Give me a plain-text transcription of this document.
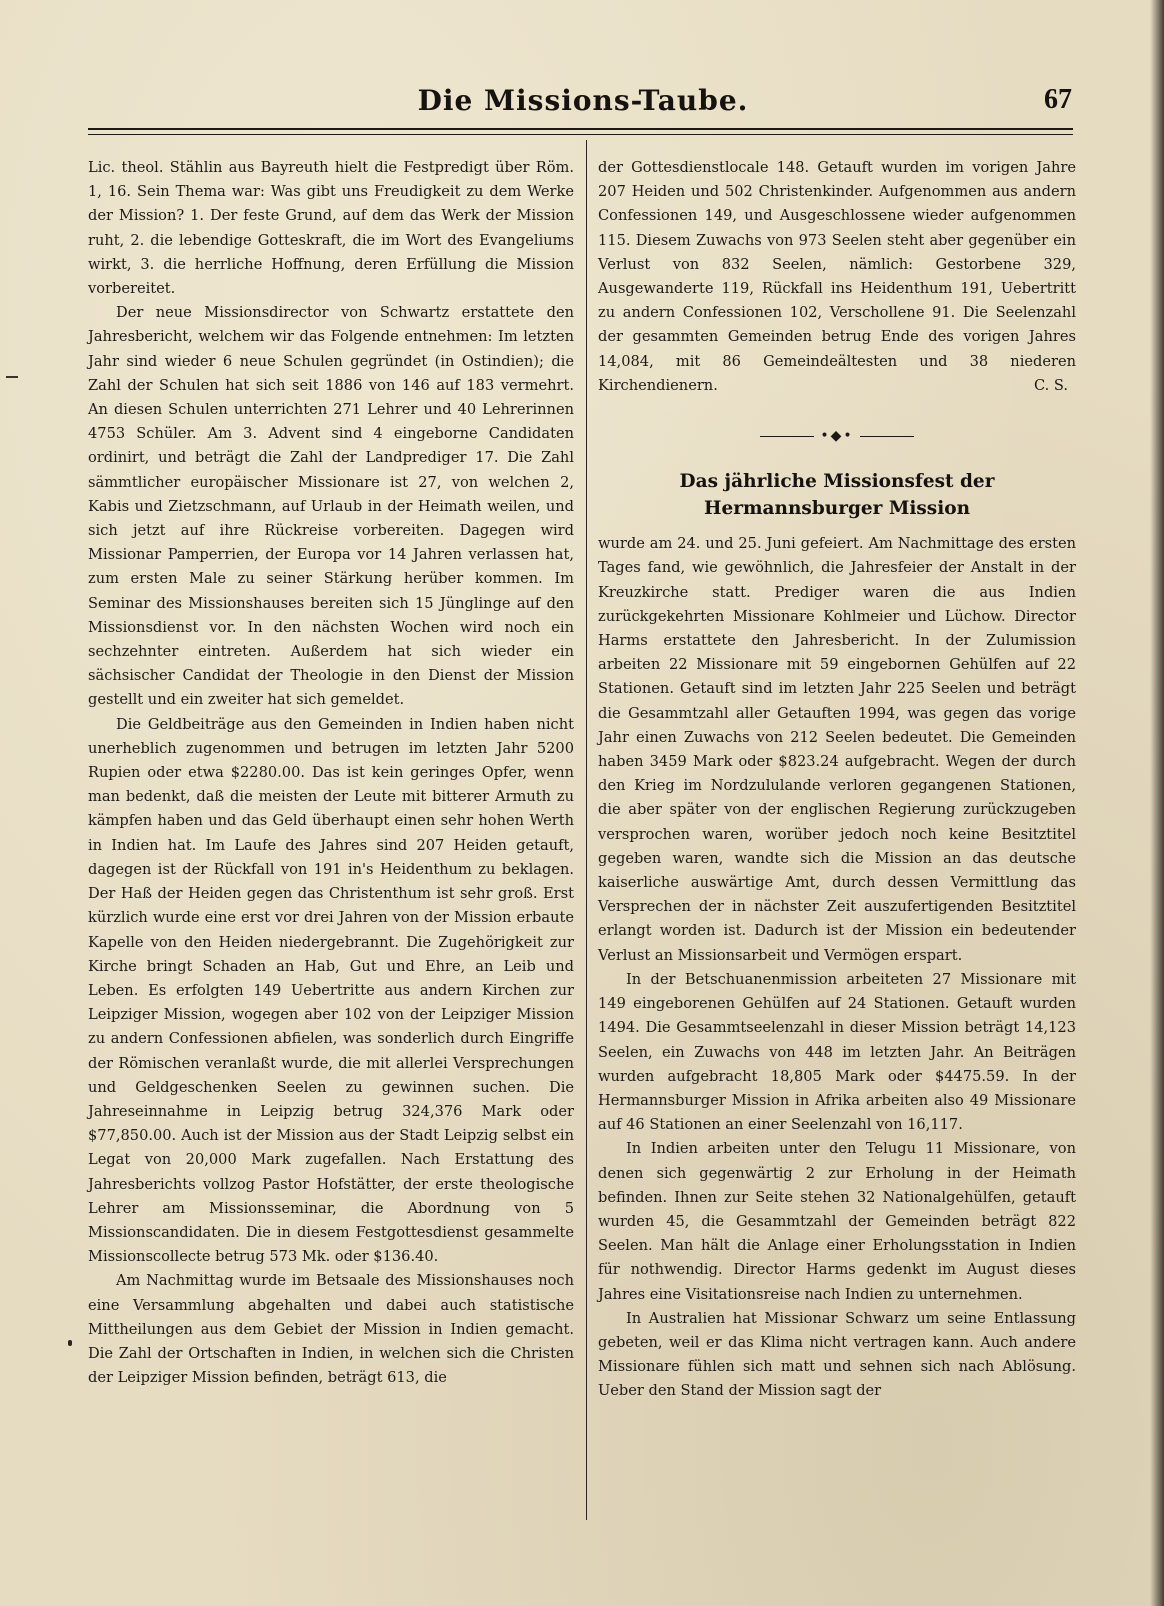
Die Missions-Taube.	67

Lic. theol. Stählin aus Bayreuth hielt die Festpredigt über Röm. 1, 16. Sein Thema war: Was gibt uns Freudigkeit zu dem Werke der Mission? 1. Der feste Grund, auf dem das Werk der Mission ruht, 2. die lebendige Gotteskraft, die im Wort des Evangeliums wirkt, 3. die herrliche Hoffnung, deren Erfüllung die Mission vorbereitet.

Der neue Missionsdirector von Schwartz erstattete den Jahresbericht, welchem wir das Folgende entnehmen: Im letzten Jahr sind wieder 6 neue Schulen gegründet (in Ostindien); die Zahl der Schulen hat sich seit 1886 von 146 auf 183 vermehrt. An diesen Schulen unterrichten 271 Lehrer und 40 Lehrerinnen 4753 Schüler. Am 3. Advent sind 4 eingeborne Candidaten ordinirt, und beträgt die Zahl der Landprediger 17. Die Zahl sämmtlicher europäischer Missionare ist 27, von welchen 2, Kabis und Zietzschmann, auf Urlaub in der Heimath weilen, und sich jetzt auf ihre Rückreise vorbereiten. Dagegen wird Missionar Pamperrien, der Europa vor 14 Jahren verlassen hat, zum ersten Male zu seiner Stärkung herüber kommen. Im Seminar des Missionshauses bereiten sich 15 Jünglinge auf den Missionsdienst vor. In den nächsten Wochen wird noch ein sechzehnter eintreten. Außerdem hat sich wieder ein sächsischer Candidat der Theologie in den Dienst der Mission gestellt und ein zweiter hat sich gemeldet.

Die Geldbeiträge aus den Gemeinden in Indien haben nicht unerheblich zugenommen und betrugen im letzten Jahr 5200 Rupien oder etwa $2280.00. Das ist kein geringes Opfer, wenn man bedenkt, daß die meisten der Leute mit bitterer Armuth zu kämpfen haben und das Geld überhaupt einen sehr hohen Werth in Indien hat. Im Laufe des Jahres sind 207 Heiden getauft, dagegen ist der Rückfall von 191 in's Heidenthum zu beklagen. Der Haß der Heiden gegen das Christenthum ist sehr groß. Erst kürzlich wurde eine erst vor drei Jahren von der Mission erbaute Kapelle von den Heiden niedergebrannt. Die Zugehörigkeit zur Kirche bringt Schaden an Hab, Gut und Ehre, an Leib und Leben. Es erfolgten 149 Uebertritte aus andern Kirchen zur Leipziger Mission, wogegen aber 102 von der Leipziger Mission zu andern Confessionen abfielen, was sonderlich durch Eingriffe der Römischen veranlaßt wurde, die mit allerlei Versprechungen und Geldgeschenken Seelen zu gewinnen suchen. Die Jahreseinnahme in Leipzig betrug 324,376 Mark oder $77,850.00. Auch ist der Mission aus der Stadt Leipzig selbst ein Legat von 20,000 Mark zugefallen. Nach Erstattung des Jahresberichts vollzog Pastor Hofstätter, der erste theologische Lehrer am Missionsseminar, die Abordnung von 5 Missionscandidaten. Die in diesem Festgottesdienst gesammelte Missionscollecte betrug 573 Mk. oder $136.40.

Am Nachmittag wurde im Betsaale des Missionshauses noch eine Versammlung abgehalten und dabei auch statistische Mittheilungen aus dem Gebiet der Mission in Indien gemacht. Die Zahl der Ortschaften in Indien, in welchen sich die Christen der Leipziger Mission befinden, beträgt 613, die

der Gottesdienstlocale 148. Getauft wurden im vorigen Jahre 207 Heiden und 502 Christenkinder. Aufgenommen aus andern Confessionen 149, und Ausgeschlossene wieder aufgenommen 115. Diesem Zuwachs von 973 Seelen steht aber gegenüber ein Verlust von 832 Seelen, nämlich: Gestorbene 329, Ausgewanderte 119, Rückfall ins Heidenthum 191, Uebertritt zu andern Confessionen 102, Verschollene 91. Die Seelenzahl der gesammten Gemeinden betrug Ende des vorigen Jahres 14,084, mit 86 Gemeindeältesten und 38 niederen Kirchendienern.	C. S.

•◆•
Das jährliche Missionsfest der Hermannsburger Mission

wurde am 24. und 25. Juni gefeiert. Am Nachmittage des ersten Tages fand, wie gewöhnlich, die Jahresfeier der Anstalt in der Kreuzkirche statt. Prediger waren die aus Indien zurückgekehrten Missionare Kohlmeier und Lüchow. Director Harms erstattete den Jahresbericht. In der Zulumission arbeiten 22 Missionare mit 59 eingebornen Gehülfen auf 22 Stationen. Getauft sind im letzten Jahr 225 Seelen und beträgt die Gesammtzahl aller Getauften 1994, was gegen das vorige Jahr einen Zuwachs von 212 Seelen bedeutet. Die Gemeinden haben 3459 Mark oder $823.24 aufgebracht. Wegen der durch den Krieg im Nordzululande verloren gegangenen Stationen, die aber später von der englischen Regierung zurückzugeben versprochen waren, worüber jedoch noch keine Besitztitel gegeben waren, wandte sich die Mission an das deutsche kaiserliche auswärtige Amt, durch dessen Vermittlung das Versprechen der in nächster Zeit auszufertigenden Besitztitel erlangt worden ist. Dadurch ist der Mission ein bedeutender Verlust an Missionsarbeit und Vermögen erspart.

In der Betschuanenmission arbeiteten 27 Missionare mit 149 eingeborenen Gehülfen auf 24 Stationen. Getauft wurden 1494. Die Gesammtseelenzahl in dieser Mission beträgt 14,123 Seelen, ein Zuwachs von 448 im letzten Jahr. An Beiträgen wurden aufgebracht 18,805 Mark oder $4475.59. In der Hermannsburger Mission in Afrika arbeiten also 49 Missionare auf 46 Stationen an einer Seelenzahl von 16,117.

In Indien arbeiten unter den Telugu 11 Missionare, von denen sich gegenwärtig 2 zur Erholung in der Heimath befinden. Ihnen zur Seite stehen 32 Nationalgehülfen, getauft wurden 45, die Gesammtzahl der Gemeinden beträgt 822 Seelen. Man hält die Anlage einer Erholungsstation in Indien für nothwendig. Director Harms gedenkt im August dieses Jahres eine Visitationsreise nach Indien zu unternehmen.

In Australien hat Missionar Schwarz um seine Entlassung gebeten, weil er das Klima nicht vertragen kann. Auch andere Missionare fühlen sich matt und sehnen sich nach Ablösung. Ueber den Stand der Mission sagt der
